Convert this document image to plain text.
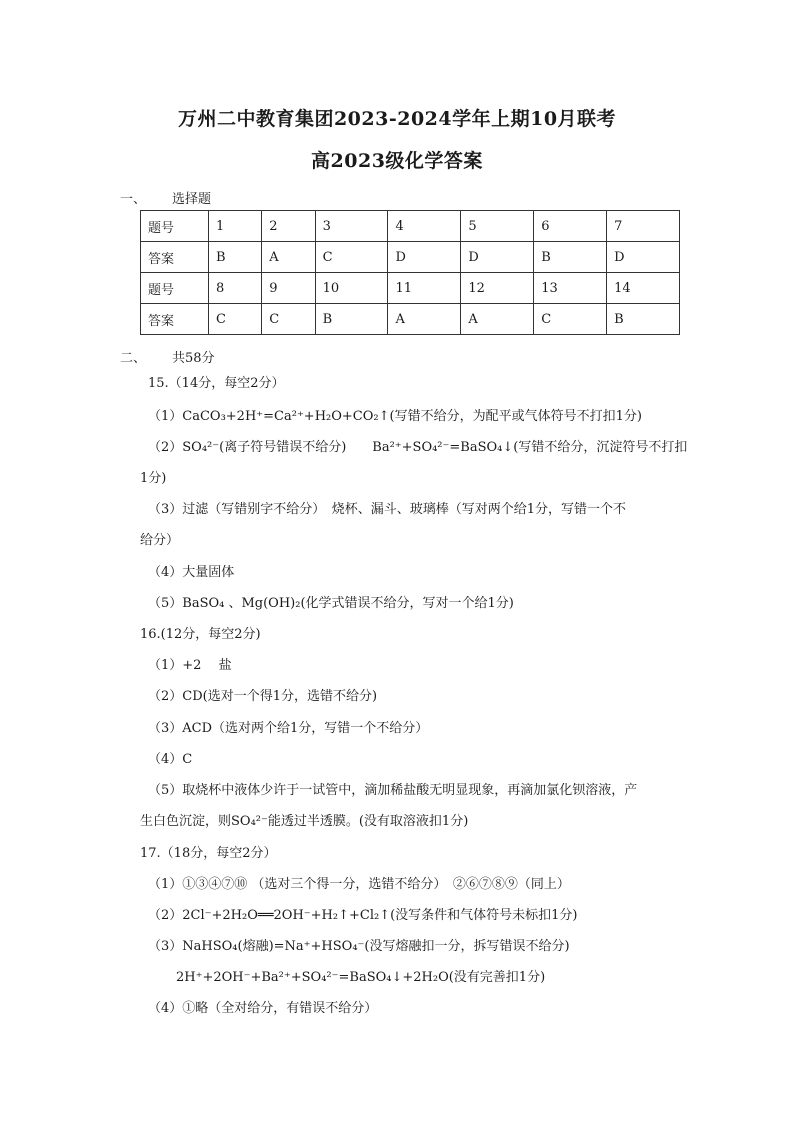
万州二中教育集团2023-2024学年上期10月联考
高2023级化学答案
一、 选择题
题号	1	2	3	4	5	6	7
答案	B	A	C	D	D	B	D
题号	8	9	10	11	12	13	14
答案	C	C	B	A	A	C	B
二、 共58分
15.（14分，每空2分）
（1）CaCO₃+2H⁺=Ca²⁺+H₂O+CO₂↑(写错不给分，为配平或气体符号不打扣1分)
（2）SO₄²⁻(离子符号错误不给分)　　Ba²⁺+SO₄²⁻=BaSO₄↓(写错不给分，沉淀符号不打扣
1分)
（3）过滤（写错别字不给分）　烧杯、漏斗、玻璃棒（写对两个给1分，写错一个不
给分）
（4）大量固体
（5）BaSO₄ 、Mg(OH)₂(化学式错误不给分，写对一个给1分)
16.(12分，每空2分)
（1）+2　 盐
（2）CD(选对一个得1分，选错不给分)
（3）ACD（选对两个给1分，写错一个不给分）
（4）C
（5）取烧杯中液体少许于一试管中，滴加稀盐酸无明显现象，再滴加氯化钡溶液，产
生白色沉淀，则SO₄²⁻能透过半透膜。(没有取溶液扣1分)
17.（18分，每空2分）
（1）①③④⑦⑩ （选对三个得一分，选错不给分）　②⑥⑦⑧⑨（同上）
（2）2Cl⁻+2H₂O══2OH⁻+H₂↑+Cl₂↑(没写条件和气体符号未标扣1分)
（3）NaHSO₄(熔融)=Na⁺+HSO₄⁻(没写熔融扣一分，拆写错误不给分)
2H⁺+2OH⁻+Ba²⁺+SO₄²⁻=BaSO₄↓+2H₂O(没有完善扣1分)
（4）①略（全对给分，有错误不给分）
